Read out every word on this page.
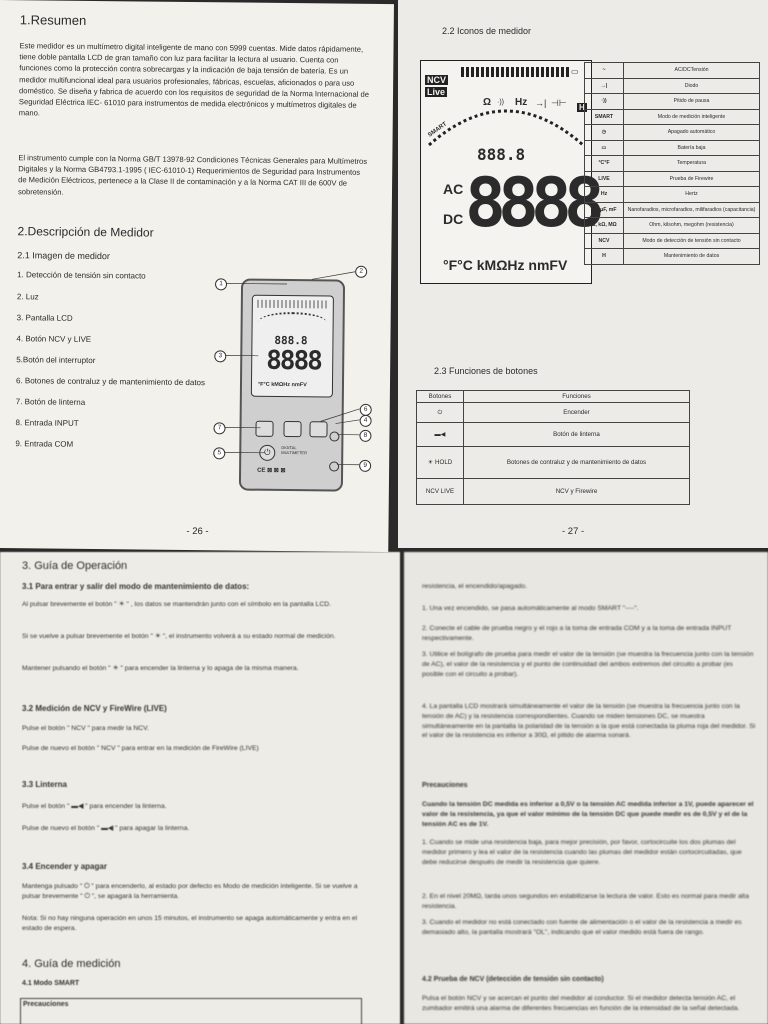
1.Resumen

Este medidor es un multímetro digital inteligente de mano con 5999 cuentas. Mide datos rápidamente, tiene doble pantalla LCD de gran tamaño con luz para facilitar la lectura al usuario. Cuenta con funciones como la protección contra sobrecargas y la indicación de baja tensión de batería. Es un medidor multifuncional ideal para usuarios profesionales, fábricas, escuelas, aficionados o para uso doméstico. Se diseña y fabrica de acuerdo con los requisitos de seguridad de la Norma Internacional de Seguridad Eléctrica IEC- 61010 para instrumentos de medida electrónicos y multímetros digitales de mano.

El instrumento cumple con la Norma GB/T 13978-92 Condiciones Técnicas Generales para Multímetros Digitales y la Norma GB4793.1-1995 ( IEC-61010-1) Requerimientos de Seguridad para Instrumentos de Medición Eléctricos, pertenece a la Clase II de contaminación y a la Norma CAT III de 600V de sobretensión.

2.Descripción de Medidor
2.1 Imagen de medidor
1. Detección de tensión sin contacto
2. Luz
3. Pantalla LCD
4. Botón NCV y LIVE
5.Botón del interruptor
6. Botones de contraluz y de mantenimiento de datos
7. Botón de linterna
8. Entrada INPUT
9. Entrada COM
888.8
8888
°F°C kMΩHz nmFV
⏻
DIGITAL MULTIMETER
CE ⊠ ⊠ ⊠
1
2
3
6
4
7
8
5
9
- 26 -
2.2 Iconos de medidor
NCV
Live
▭
Ω ·)) Hz →| ⊣⊢ H
SMART
888.8
AC
DC 8888
°F°C kMΩHz nmFV
~	AC/DCTensión
→|	Diodo
·))	Pitido de pausa
SMART	Modo de medición inteligente
◷	Apagado automático
▭	Batería baja
°C°F	Temperatura
LIVE	Prueba de Firewire
Hz	Hertz
nF, μF, mF	Nanofaradios, microfaradios, milifaradios (capacitancia)
Ω, kΩ, MΩ	Ohm, kilsohm, megohm (resistencia)
NCV	Modo de detección de tensión sin contacto
H	Mantenimiento de datos
2.3 Funciones de botones
Botones	Funciones
⏻	Encender
▬◀	Botón de linterna
☀ HOLD	Botones de contraluz y de mantenimiento de datos
NCV LIVE	NCV y Firewire
- 27 -
3. Guía de Operación
3.1 Para entrar y salir del modo de mantenimiento de datos:

Al pulsar brevemente el botón " ☀ " , los datos se mantendrán junto con el símbolo en la pantalla LCD.

Si se vuelve a pulsar brevemente el botón " ☀ ", el instrumento volverá a su estado normal de medición.

Mantener pulsando el botón " ☀ " para encender la linterna y lo apaga de la misma manera.

3.2 Medición de NCV y FireWire (LIVE)

Pulse el botón " NCV " para medir la NCV.

Pulse de nuevo el botón " NCV " para entrar en la medición de FireWire (LIVE)

3.3 Linterna

Pulse el botón " ▬◀ " para encender la linterna.

Pulse de nuevo el botón " ▬◀ " para apagar la linterna.

3.4 Encender y apagar

Mantenga pulsado " ⏻ " para encenderlo, al estado por defecto es Modo de medición inteligente. Si se vuelve a pulsar brevemente " ⏻ ", se apagará la herramienta.

Nota: Si no hay ninguna operación en unos 15 minutos, el instrumento se apaga automáticamente y entra en el estado de espera.

4. Guía de medición
4.1 Modo SMART
Precauciones

resistencia, el encendido/apagado.

1. Una vez encendido, se pasa automáticamente al modo SMART "----".

2. Conecte el cable de prueba negro y el rojo a la toma de entrada COM y a la toma de entrada INPUT respectivamente.

3. Utilice el bolígrafo de prueba para medir el valor de la tensión (se muestra la frecuencia junto con la tensión de AC), el valor de la resistencia y el punto de continuidad del ambos extremos del circuito a probar (es posible con el circuito a probar).

4. La pantalla LCD mostrará simultáneamente el valor de la tensión (se muestra la frecuencia junto con la tensión de AC) y la resistencia correspondientes. Cuando se miden tensiones DC, se muestra simultáneamente en la pantalla la polaridad de la tensión a la que está conectada la pluma roja del medidor. Si el valor de la resistencia es inferior a 30Ω, el pitido de alarma sonará.

Precauciones

Cuando la tensión DC medida es inferior a 0,5V o la tensión AC medida inferior a 1V, puede aparecer el valor de la resistencia, ya que el valor mínimo de la tensión DC que puede medir es de 0,5V y el de la tensión AC es de 1V.

1. Cuando se mide una resistencia baja, para mejor precisión, por favor, cortocircuite los dos plumas del medidor primero y lea el valor de la resistencia cuando las plumas del medidor están cortocircuitadas, que debe reducirse después de medir la resistencia que quiere.

2. En el nivel 20MΩ, tarda unos segundos en estabilizarse la lectura de valor. Esto es normal para medir alta resistencia.

3. Cuando el medidor no está conectado con fuente de alimentación o el valor de la resistencia a medir es demasiado alto, la pantalla mostrará "OL", indicando que el valor medido está fuera de rango.

4.2 Prueba de NCV (detección de tensión sin contacto)

Pulsa el botón NCV y se acercan el punto del medidor al conductor. Si el medidor detecta tensión AC, el zumbador emitirá una alarma de diferentes frecuencias en función de la intensidad de la señal detectada.
